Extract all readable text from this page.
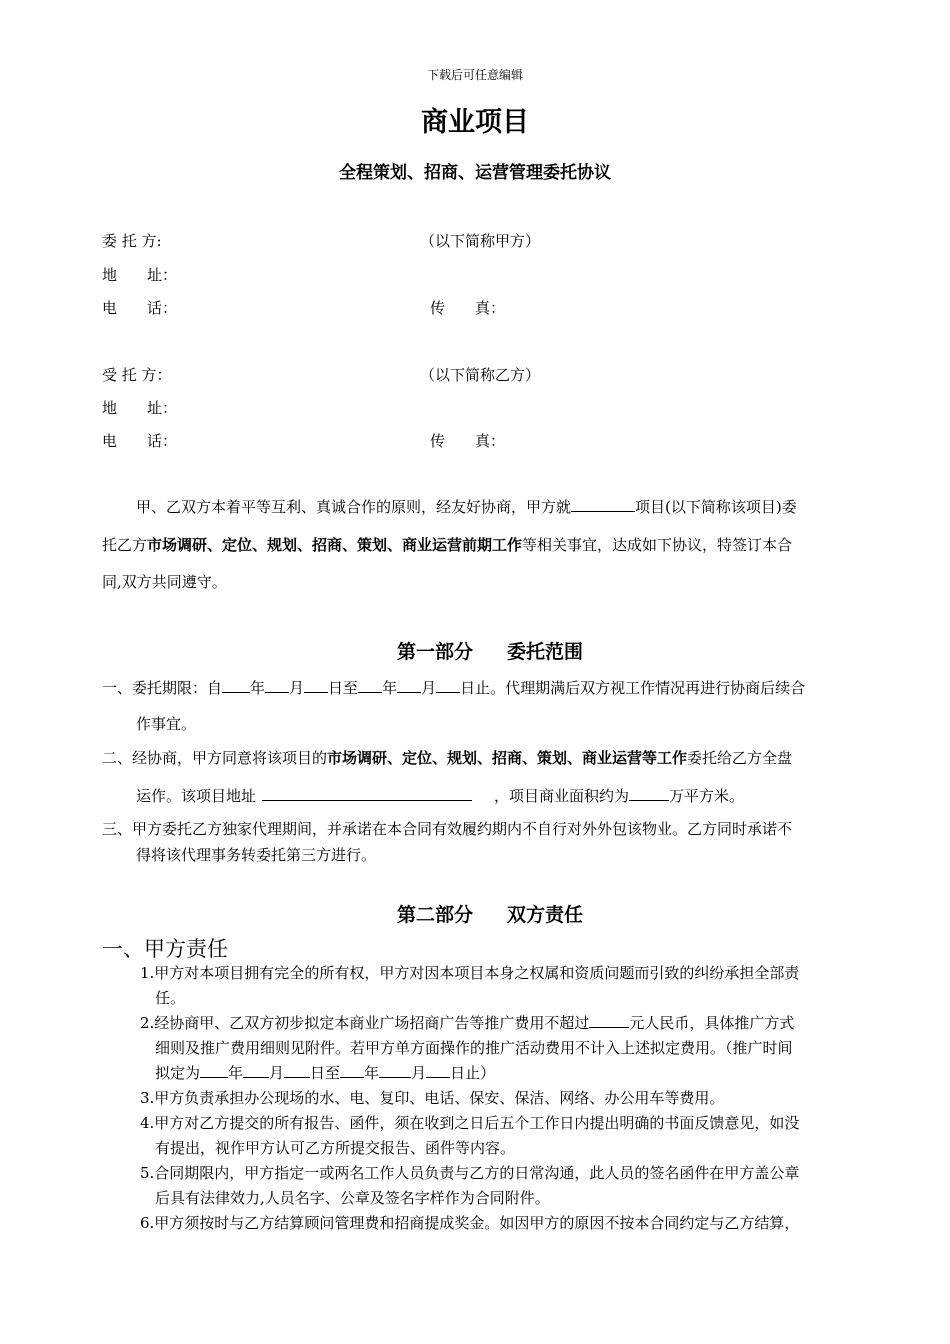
下载后可任意编辑
商业项目
全程策划、招商、运营管理委托协议
委 托 方:	（以下简称甲方）
地　　址：
电　　话：	传　　真：
受 托 方：	（以下简称乙方）
地　　址：
电　　话：	传　　真：
甲、乙双方本着平等互利、真诚合作的原则，经友好协商，甲方就	项目(以下简称该项目)委
托乙方市场调研、定位、规划、招商、策划、商业运营前期工作等相关事宜，达成如下协议，特签订本合
同,双方共同遵守。
第一部分 委托范围
一、委托期限：自 年 月 日至 年 月 日止。代理期满后双方视工作情况再进行协商后续合
作事宜。
二、经协商，甲方同意将该项目的市场调研、定位、规划、招商、策划、商业运营等工作委托给乙方全盘
运作。该项目地址	，项目商业面积约为	万平方米。
三、甲方委托乙方独家代理期间，并承诺在本合同有效履约期内不自行对外外包该物业。乙方同时承诺不
得将该代理事务转委托第三方进行。
第二部分 双方责任
一、甲方责任
1.甲方对本项目拥有完全的所有权，甲方对因本项目本身之权属和资质问题而引致的纠纷承担全部责
任。
2.经协商甲、乙双方初步拟定本商业广场招商广告等推广费用不超过	元人民币，具体推广方式
细则及推广费用细则见附件。若甲方单方面操作的推广活动费用不计入上述拟定费用。（推广时间
拟定为 年 月 日至 年 月 日止）
3.甲方负责承担办公现场的水、电、复印、电话、保安、保洁、网络、办公用车等费用。
4.甲方对乙方提交的所有报告、函件，须在收到之日后五个工作日内提出明确的书面反馈意见，如没
有提出，视作甲方认可乙方所提交报告、函件等内容。
5.合同期限内，甲方指定一或两名工作人员负责与乙方的日常沟通，此人员的签名函件在甲方盖公章
后具有法律效力,人员名字、公章及签名字样作为合同附件。
6.甲方须按时与乙方结算顾问管理费和招商提成奖金。如因甲方的原因不按本合同约定与乙方结算，
